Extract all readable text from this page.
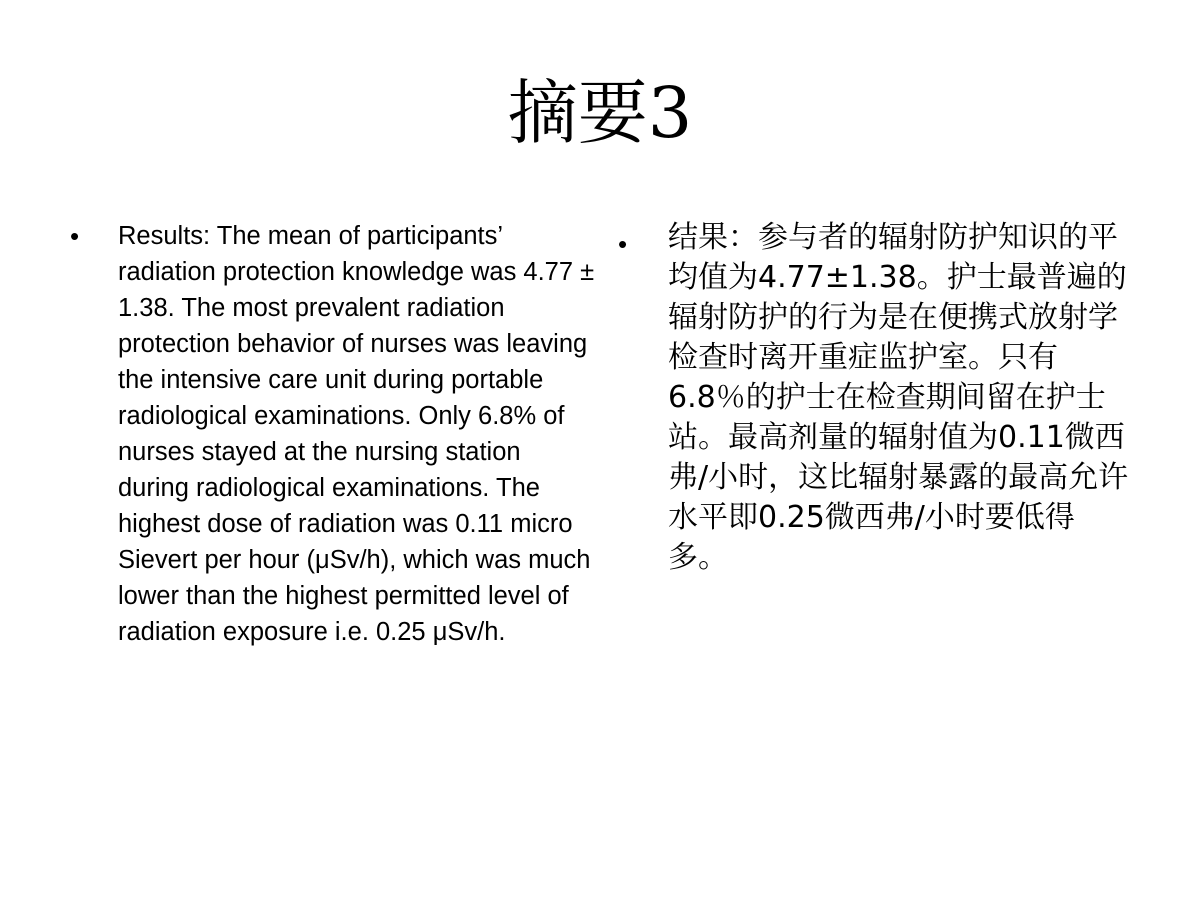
摘要3
• Results: The mean of participants’ radiation protection knowledge was 4.77 ± 1.38. The most prevalent radiation protection behavior of nurses was leaving the intensive care unit during portable radiological examinations. Only 6.8% of nurses stayed at the nursing station during radiological examinations. The highest dose of radiation was 0.11 micro Sievert per hour (μSv/h), which was much lower than the highest permitted level of radiation exposure i.e. 0.25 μSv/h.
• 结果：参与者的辐射防护知识的平均值为4.77±1.38。护士最普遍的辐射防护的行为是在便携式放射学检查时离开重症监护室。只有6.8％的护士在检查期间留在护士站。最高剂量的辐射值为0.11微西弗/小时，这比辐射暴露的最高允许水平即0.25微西弗/小时要低得多。
